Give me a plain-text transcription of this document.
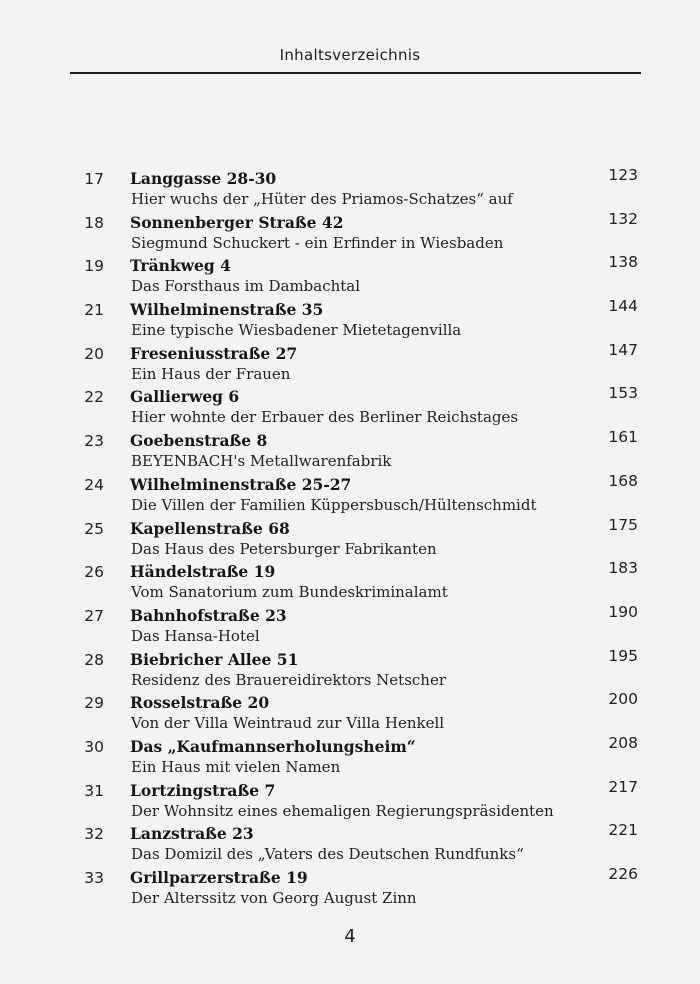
Inhaltsverzeichnis
17 Langgasse 28-30
Hier wuchs der „Hüter des Priamos-Schatzes“ auf
123
18 Sonnenberger Straße 42
Siegmund Schuckert - ein Erfinder in Wiesbaden
132
19 Tränkweg 4
Das Forsthaus im Dambachtal
138
21 Wilhelminenstraße 35
Eine typische Wiesbadener Mietetagenvilla
144
20 Freseniusstraße 27
Ein Haus der Frauen
147
22 Gallierweg 6
Hier wohnte der Erbauer des Berliner Reichstages
153
23 Goebenstraße 8
BEYENBACH's Metallwarenfabrik
161
24 Wilhelminenstraße 25-27
Die Villen der Familien Küppersbusch/Hültenschmidt
168
25 Kapellenstraße 68
Das Haus des Petersburger Fabrikanten
175
26 Händelstraße 19
Vom Sanatorium zum Bundeskriminalamt
183
27 Bahnhofstraße 23
Das Hansa-Hotel
190
28 Biebricher Allee 51
Residenz des Brauereidirektors Netscher
195
29 Rosselstraße 20
Von der Villa Weintraud zur Villa Henkell
200
30 Das „Kaufmannserholungsheim“
Ein Haus mit vielen Namen
208
31 Lortzingstraße 7
Der Wohnsitz eines ehemaligen Regierungspräsidenten
217
32 Lanzstraße 23
Das Domizil des „Vaters des Deutschen Rundfunks“
221
33 Grillparzerstraße 19
Der Alterssitz von Georg August Zinn
226
4
